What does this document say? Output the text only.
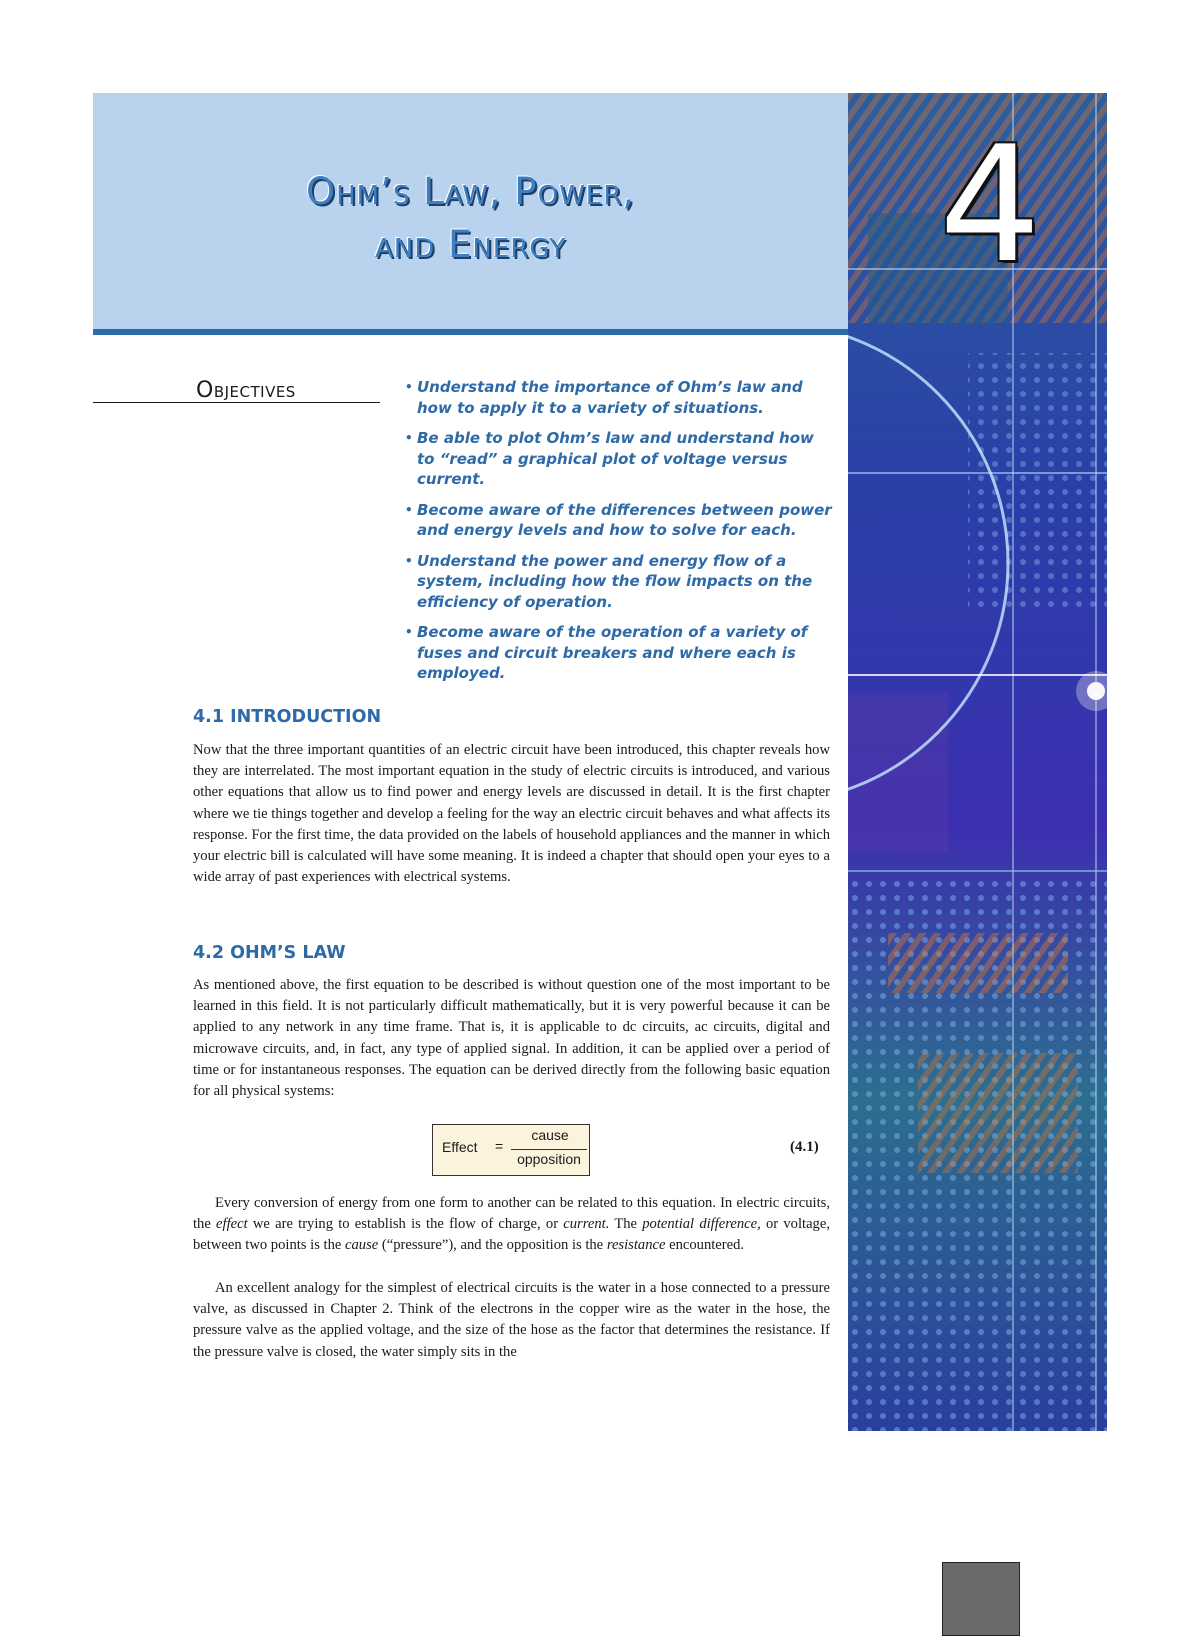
Ohm’s Law, Power,
and Energy	4
Objectives
•	Understand the importance of Ohm’s law and how to apply it to a variety of situations.
• Be able to plot Ohm’s law and understand how to “read” a graphical plot of voltage versus current.
• Become aware of the differences between power and energy levels and how to solve for each.
• Understand the power and energy flow of a system, including how the flow impacts on the efficiency of operation.
• Become aware of the operation of a variety of fuses and circuit breakers and where each is employed.
4.1 INTRODUCTION

Now that the three important quantities of an electric circuit have been introduced, this chapter reveals how they are interrelated. The most important equation in the study of electric circuits is introduced, and various other equations that allow us to find power and energy levels are discussed in detail. It is the first chapter where we tie things together and develop a feeling for the way an electric circuit behaves and what affects its response. For the first time, the data provided on the labels of household appliances and the manner in which your electric bill is calculated will have some meaning. It is indeed a chapter that should open your eyes to a wide array of past experiences with electrical systems.

4.2 OHM’S LAW

As mentioned above, the first equation to be described is without question one of the most important to be learned in this field. It is not particularly difficult mathematically, but it is very powerful because it can be applied to any network in any time frame. That is, it is applicable to dc circuits, ac circuits, digital and microwave circuits, and, in fact, any type of applied signal. In addition, it can be applied over a period of time or for instantaneous responses. The equation can be derived directly from the following basic equation for all physical systems:

Effect =
cause
opposition
(4.1)

Every conversion of energy from one form to another can be related to this equation. In electric circuits, the effect we are trying to establish is the flow of charge, or current. The potential difference, or voltage, between two points is the cause (“pressure”), and the opposition is the resistance encountered.

An excellent analogy for the simplest of electrical circuits is the water in a hose connected to a pressure valve, as discussed in Chapter 2. Think of the electrons in the copper wire as the water in the hose, the pressure valve as the applied voltage, and the size of the hose as the factor that determines the resistance. If the pressure valve is closed, the water simply sits in the
